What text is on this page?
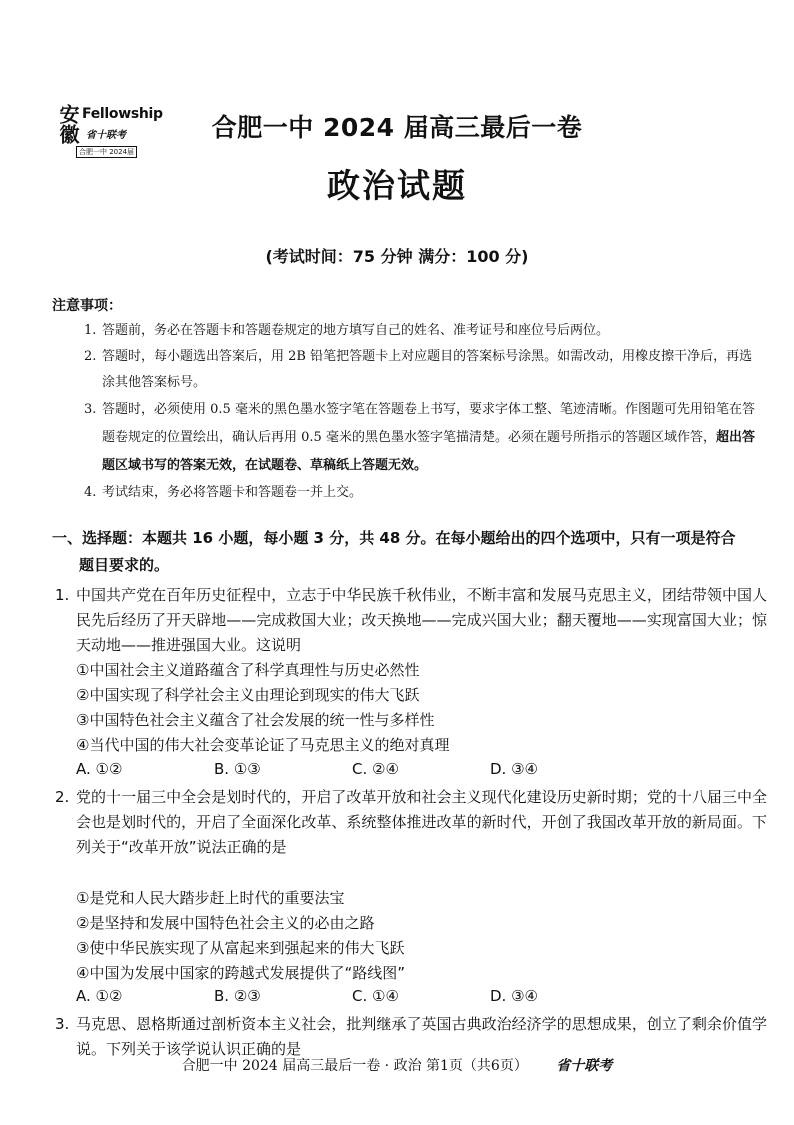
安徽 Fellowship
省十联考
合肥一中 2024届
合肥一中 2024 届高三最后一卷
政治试题
(考试时间：75 分钟 满分：100 分)
注意事项：
1. 答题前，务必在答题卡和答题卷规定的地方填写自己的姓名、准考证号和座位号后两位。
2. 答题时，每小题选出答案后，用 2B 铅笔把答题卡上对应题目的答案标号涂黑。如需改动，用橡皮擦干净后，再选涂其他答案标号。
3. 答题时，必须使用 0.5 毫米的黑色墨水签字笔在答题卷上书写，要求字体工整、笔迹清晰。作图题可先用铅笔在答题卷规定的位置绘出，确认后再用 0.5 毫米的黑色墨水签字笔描清楚。必须在题号所指示的答题区域作答，超出答题区域书写的答案无效，在试题卷、草稿纸上答题无效。
4. 考试结束，务必将答题卡和答题卷一并上交。
一、选择题：本题共 16 小题，每小题 3 分，共 48 分。在每小题给出的四个选项中，只有一项是符合
题目要求的。
1. 中国共产党在百年历史征程中，立志于中华民族千秋伟业，不断丰富和发展马克思主义，团结带领中国人民先后经历了开天辟地——完成救国大业；改天换地——完成兴国大业；翻天覆地——实现富国大业；惊天动地——推进强国大业。这说明
①中国社会主义道路蕴含了科学真理性与历史必然性
②中国实现了科学社会主义由理论到现实的伟大飞跃
③中国特色社会主义蕴含了社会发展的统一性与多样性
④当代中国的伟大社会变革论证了马克思主义的绝对真理
A. ①②	B. ①③	C. ②④	D. ③④
2. 党的十一届三中全会是划时代的，开启了改革开放和社会主义现代化建设历史新时期；党的十八届三中全会也是划时代的，开启了全面深化改革、系统整体推进改革的新时代，开创了我国改革开放的新局面。下列关于“改革开放”说法正确的是
①是党和人民大踏步赶上时代的重要法宝
②是坚持和发展中国特色社会主义的必由之路
③使中华民族实现了从富起来到强起来的伟大飞跃
④中国为发展中国家的跨越式发展提供了“路线图”
A. ①②	B. ②③	C. ①④	D. ③④
3. 马克思、恩格斯通过剖析资本主义社会，批判继承了英国古典政治经济学的思想成果，创立了剩余价值学说。下列关于该学说认识正确的是
合肥一中 2024 届高三最后一卷 · 政治 第1页（共6页） 省十联考
